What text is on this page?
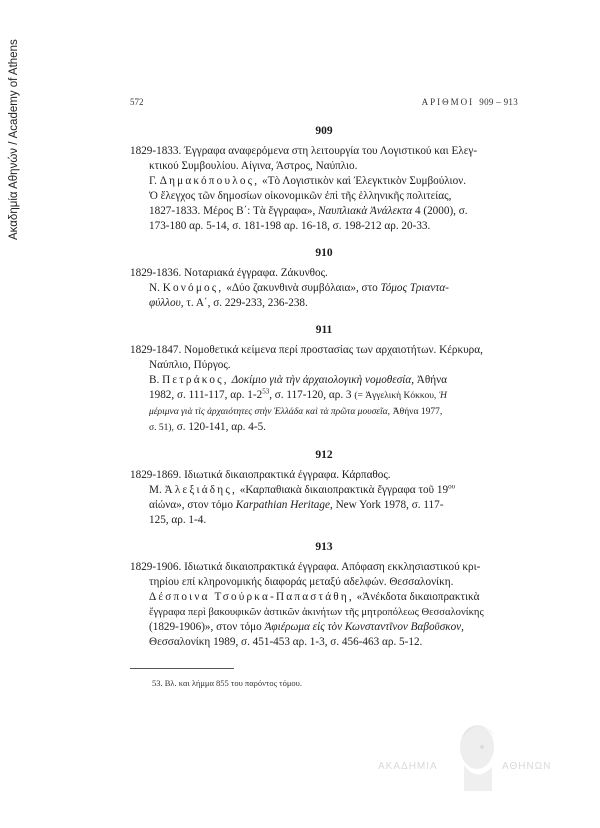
Ακαδημία Αθηνών / Academy of Athens	572	ΑΡΙΘΜΟΙ 909 – 913

909

1829-1833. Έγγραφα αναφερόμενα στη λειτουργία του Λογιστικού και Ελεγ-

κτικού Συμβουλίου. Αίγινα, Άστρος, Ναύπλιο.

Γ. Δημακόπουλος, «Τὸ Λογιστικὸν καὶ Ἐλεγκτικὸν Συμβούλιον.
Ὁ ἔλεγχος τῶν δημοσίων οἰκονομικῶν ἐπὶ τῆς ἑλληνικῆς πολιτείας,
1827-1833. Μέρος Β΄: Τὰ ἔγγραφα», Ναυπλιακὰ Ἀνάλεκτα 4 (2000), σ.
173-180 αρ. 5-14, σ. 181-198 αρ. 16-18, σ. 198-212 αρ. 20-33.

910

1829-1836. Νοταριακά έγγραφα. Ζάκυνθος.

Ν. Κονόμος, «Δύο ζακυνθινὰ συμβόλαια», στο Τόμος Τριαντα-
φύλλου, τ. Α΄, σ. 229-233, 236-238.

911

1829-1847. Νομοθετικά κείμενα περί προστασίας των αρχαιοτήτων. Κέρκυρα,

Ναύπλιο, Πύργος.

Β. Πετράκος, Δοκίμιο γιὰ τὴν ἀρχαιολογικὴ νομοθεσία, Ἀθήνα
1982, σ. 111-117, αρ. $1-2^{53}$, σ. 117-120, αρ. 3 (= Ἀγγελικὴ Κόκκου, Ἡ
μέριμνα γιὰ τὶς ἀρχαιότητες στὴν Ἑλλάδα καὶ τὰ πρῶτα μουσεῖα, Ἀθήνα 1977,
σ. 51), σ. 120-141, αρ. 4-5.

912

1829-1869. Ιδιωτικά δικαιοπρακτικά έγγραφα. Κάρπαθος.

Μ. Ἀλεξιάδης, «Καρπαθιακὰ δικαιοπρακτικὰ ἔγγραφα τοῦ $19^{o\upsilon}$
αἰώνα», στον τόμο Karpathian Heritage, New York 1978, σ. 117-
125, αρ. 1-4.

913

1829-1906. Ιδιωτικά δικαιοπρακτικά έγγραφα. Απόφαση εκκλησιαστικού κρι-

τηρίου επί κληρονομικής διαφοράς μεταξύ αδελφών. Θεσσαλονίκη.

Δέσποινα Τσούρκα-Παπαστάθη, «Ἀνέκδοτα δικαιοπρακτικὰ
ἔγγραφα περὶ βακουφικῶν ἀστικῶν ἀκινήτων τῆς μητροπόλεως Θεσσαλονίκης
(1829-1906)», στον τόμο Ἀφιέρωμα εἰς τὸν Κωνσταντῖνον Βαβοῦσκον,
Θεσσαλονίκη 1989, σ. 451-453 αρ. 1-3, σ. 456-463 αρ. 5-12.

53. Βλ. και λήμμα 855 του παρόντος τόμου.
ΑΚΑΔΗΜΙΑ	ΑΘΗΝΩΝ
